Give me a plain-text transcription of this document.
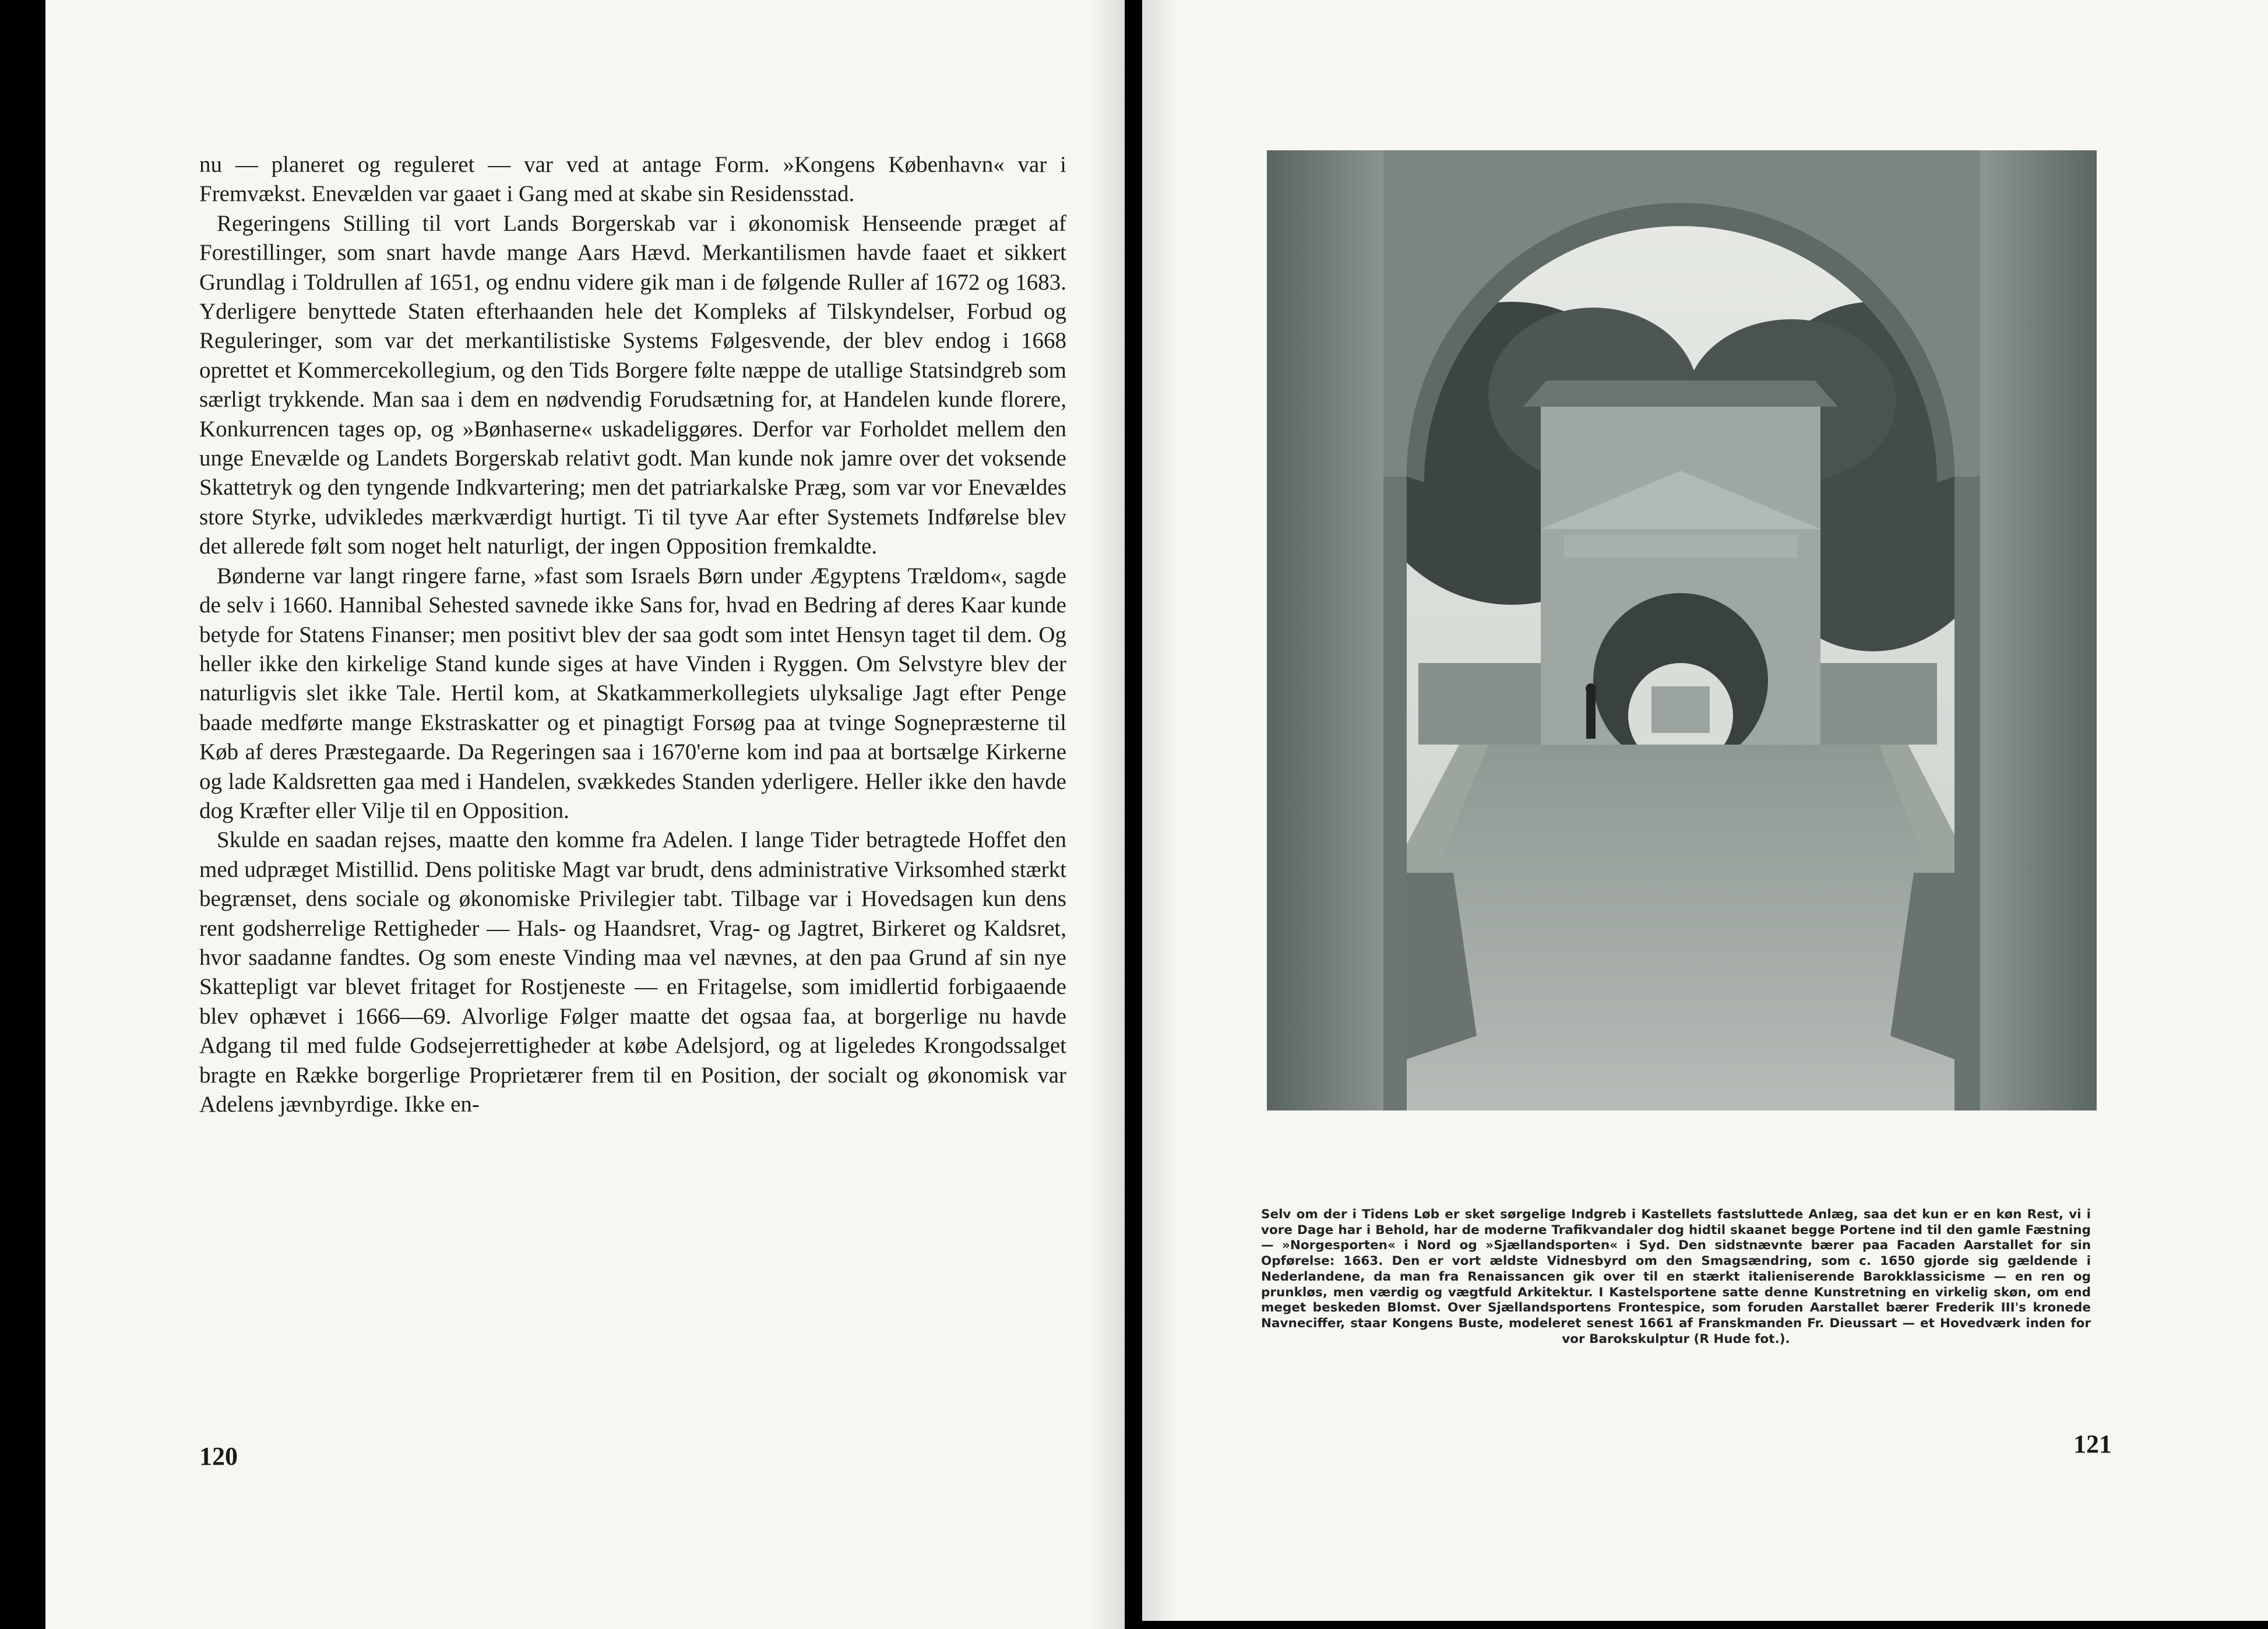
nu — planeret og reguleret — var ved at antage Form. »Kongens København« var i Fremvækst. Enevælden var gaaet i Gang med at skabe sin Residensstad.

Regeringens Stilling til vort Lands Borgerskab var i økonomisk Henseende præget af Forestillinger, som snart havde mange Aars Hævd. Merkantilismen havde faaet et sikkert Grundlag i Toldrullen af 1651, og endnu videre gik man i de følgende Ruller af 1672 og 1683. Yderligere benyttede Staten efterhaanden hele det Kompleks af Tilskyndelser, Forbud og Reguleringer, som var det merkantilistiske Systems Følgesvende, der blev endog i 1668 oprettet et Kommercekollegium, og den Tids Borgere følte næppe de utallige Statsindgreb som særligt trykkende. Man saa i dem en nødvendig Forudsætning for, at Handelen kunde florere, Konkurrencen tages op, og »Bønhaserne« uskadeliggøres. Derfor var Forholdet mellem den unge Enevælde og Landets Borgerskab relativt godt. Man kunde nok jamre over det voksende Skattetryk og den tyngende Indkvartering; men det patriarkalske Præg, som var vor Enevældes store Styrke, udvikledes mærkværdigt hurtigt. Ti til tyve Aar efter Systemets Indførelse blev det allerede følt som noget helt naturligt, der ingen Opposition fremkaldte.

Bønderne var langt ringere farne, »fast som Israels Børn under Ægyptens Trældom«, sagde de selv i 1660. Hannibal Sehested savnede ikke Sans for, hvad en Bedring af deres Kaar kunde betyde for Statens Finanser; men positivt blev der saa godt som intet Hensyn taget til dem. Og heller ikke den kirkelige Stand kunde siges at have Vinden i Ryggen. Om Selvstyre blev der naturligvis slet ikke Tale. Hertil kom, at Skatkammerkollegiets ulyksalige Jagt efter Penge baade medførte mange Ekstraskatter og et pinagtigt Forsøg paa at tvinge Sognepræsterne til Køb af deres Præstegaarde. Da Regeringen saa i 1670'erne kom ind paa at bortsælge Kirkerne og lade Kaldsretten gaa med i Handelen, svækkedes Standen yderligere. Heller ikke den havde dog Kræfter eller Vilje til en Opposition.

Skulde en saadan rejses, maatte den komme fra Adelen. I lange Tider betragtede Hoffet den med udpræget Mistillid. Dens politiske Magt var brudt, dens administrative Virksomhed stærkt begrænset, dens sociale og økonomiske Privilegier tabt. Tilbage var i Hovedsagen kun dens rent godsherrelige Rettigheder — Hals- og Haandsret, Vrag- og Jagtret, Birkeret og Kaldsret, hvor saadanne fandtes. Og som eneste Vinding maa vel nævnes, at den paa Grund af sin nye Skattepligt var blevet fritaget for Rostjeneste — en Fritagelse, som imidlertid forbigaaende blev ophævet i 1666—69. Alvorlige Følger maatte det ogsaa faa, at borgerlige nu havde Adgang til med fulde Godsejerrettigheder at købe Adelsjord, og at ligeledes Krongodssalget bragte en Række borgerlige Proprietærer frem til en Position, der socialt og økonomisk var Adelens jævnbyrdige. Ikke en-

120
Selv om der i Tidens Løb er sket sørgelige Indgreb i Kastellets fastsluttede Anlæg, saa det kun er en køn Rest, vi i vore Dage har i Behold, har de moderne Trafikvandaler dog hidtil skaanet begge Portene ind til den gamle Fæstning — »Norgesporten« i Nord og »Sjællandsporten« i Syd. Den sidstnævnte bærer paa Facaden Aarstallet for sin Opførelse: 1663. Den er vort ældste Vidnesbyrd om den Smagsændring, som c. 1650 gjorde sig gældende i Nederlandene, da man fra Renaissancen gik over til en stærkt italieniserende Barokklassicisme — en ren og prunkløs, men værdig og vægtfuld Arkitektur. I Kastelsportene satte denne Kunstretning en virkelig skøn, om end meget beskeden Blomst. Over Sjællandsportens Frontespice, som foruden Aarstallet bærer Frederik III's kronede Navneciffer, staar Kongens Buste, modeleret senest 1661 af Franskmanden Fr. Dieussart — et Hovedværk inden for vor Barokskulptur (R Hude fot.).
121
